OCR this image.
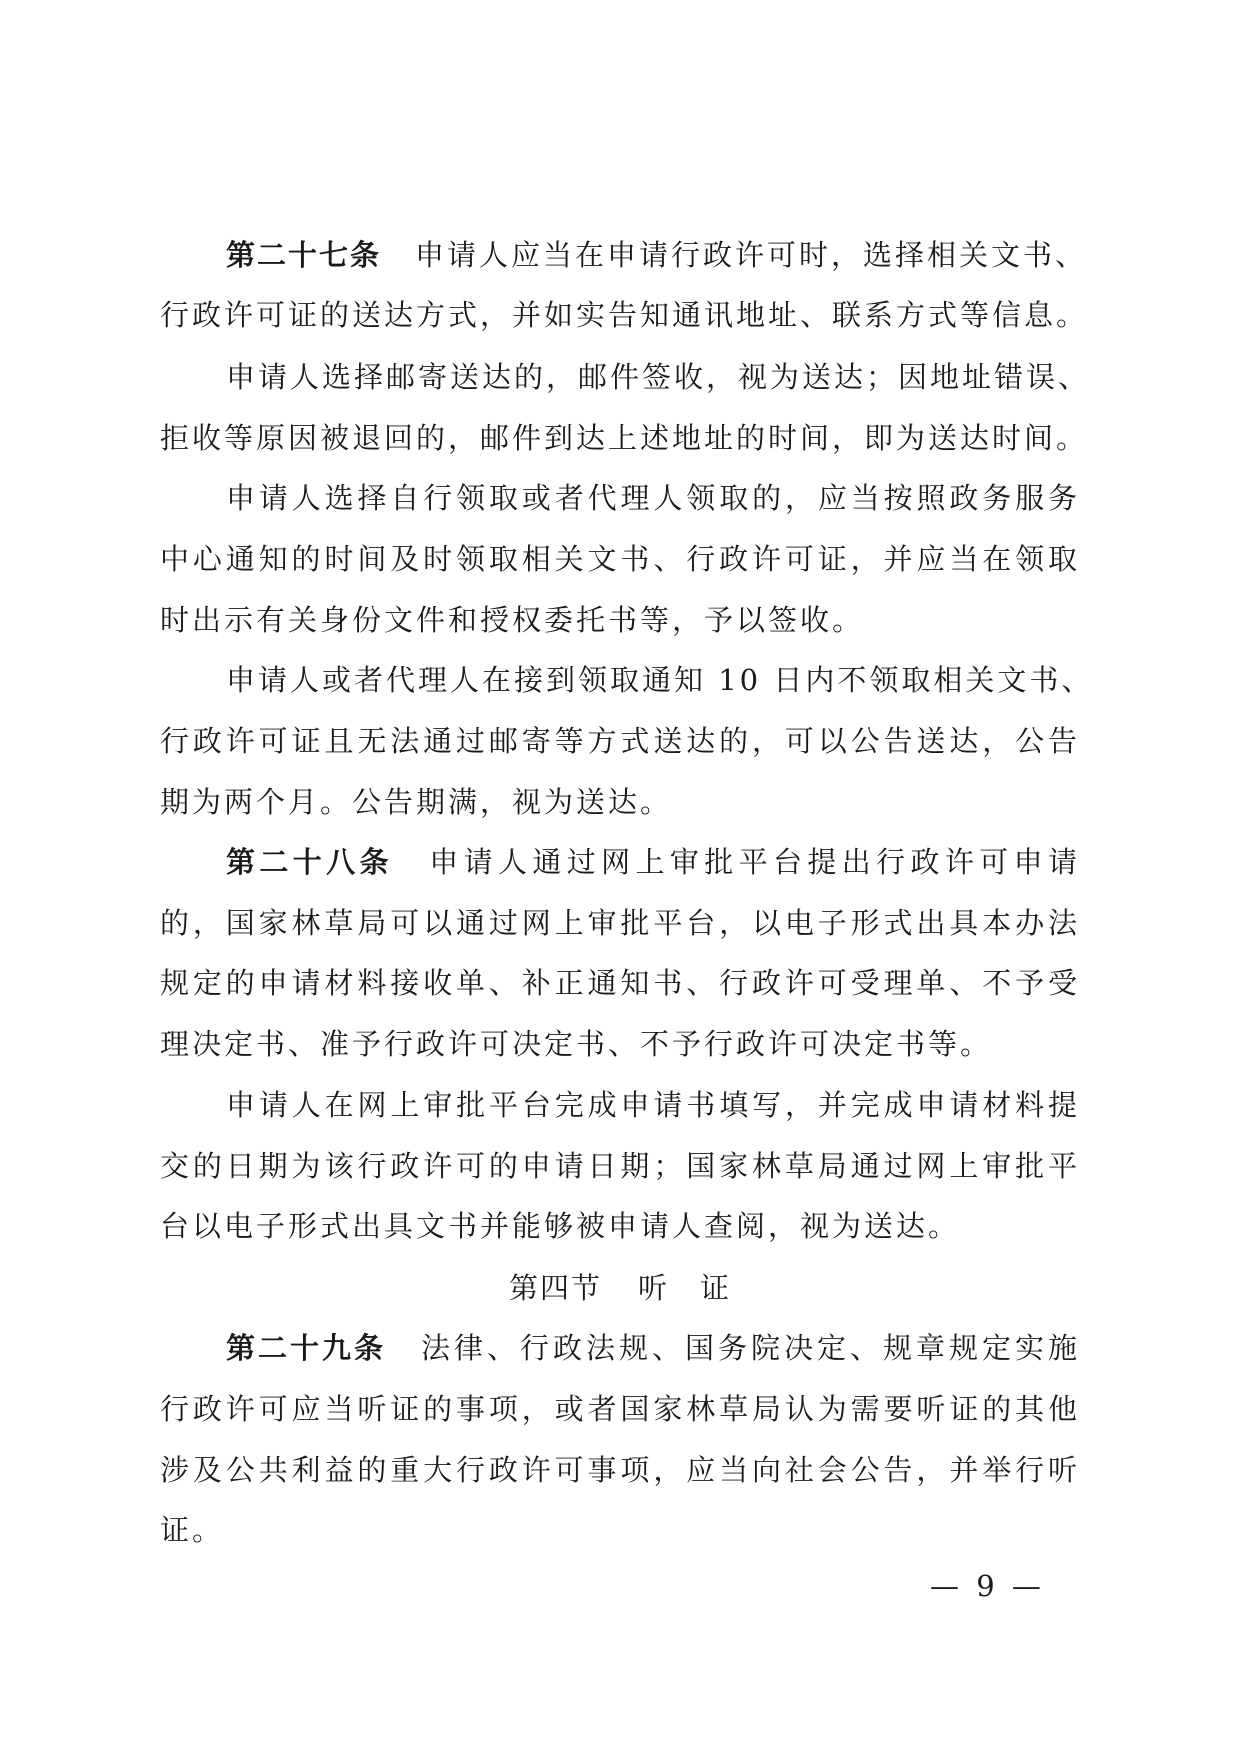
第二十七条 申请人应当在申请行政许可时，选择相关文书、
行政许可证的送达方式，并如实告知通讯地址、联系方式等信息。
申请人选择邮寄送达的，邮件签收，视为送达；因地址错误、
拒收等原因被退回的，邮件到达上述地址的时间，即为送达时间。
申请人选择自行领取或者代理人领取的，应当按照政务服务
中心通知的时间及时领取相关文书、行政许可证，并应当在领取
时出示有关身份文件和授权委托书等，予以签收。
申请人或者代理人在接到领取通知 10 日内不领取相关文书、
行政许可证且无法通过邮寄等方式送达的，可以公告送达，公告
期为两个月。公告期满，视为送达。
第二十八条 申请人通过网上审批平台提出行政许可申请
的，国家林草局可以通过网上审批平台，以电子形式出具本办法
规定的申请材料接收单、补正通知书、行政许可受理单、不予受
理决定书、准予行政许可决定书、不予行政许可决定书等。
申请人在网上审批平台完成申请书填写，并完成申请材料提
交的日期为该行政许可的申请日期；国家林草局通过网上审批平
台以电子形式出具文书并能够被申请人查阅，视为送达。
第四节 听　证
第二十九条 法律、行政法规、国务院决定、规章规定实施
行政许可应当听证的事项，或者国家林草局认为需要听证的其他
涉及公共利益的重大行政许可事项，应当向社会公告，并举行听
证。
— 9 —
